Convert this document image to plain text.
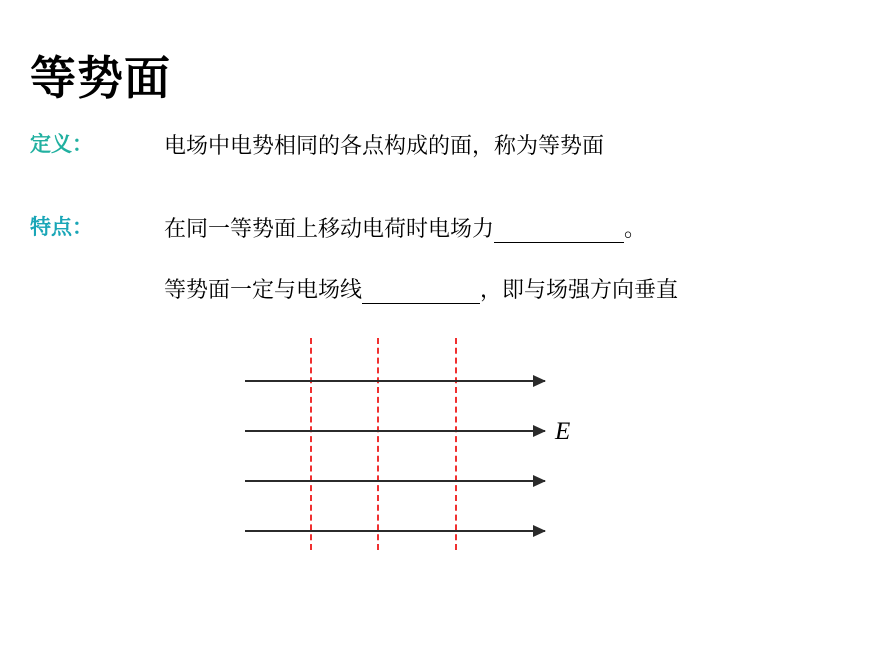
等势面
定义：	电场中电势相同的各点构成的面，称为等势面
特点：	在同一等势面上移动电荷时电场力	。
等势面一定与电场线	，即与场强方向垂直
E
